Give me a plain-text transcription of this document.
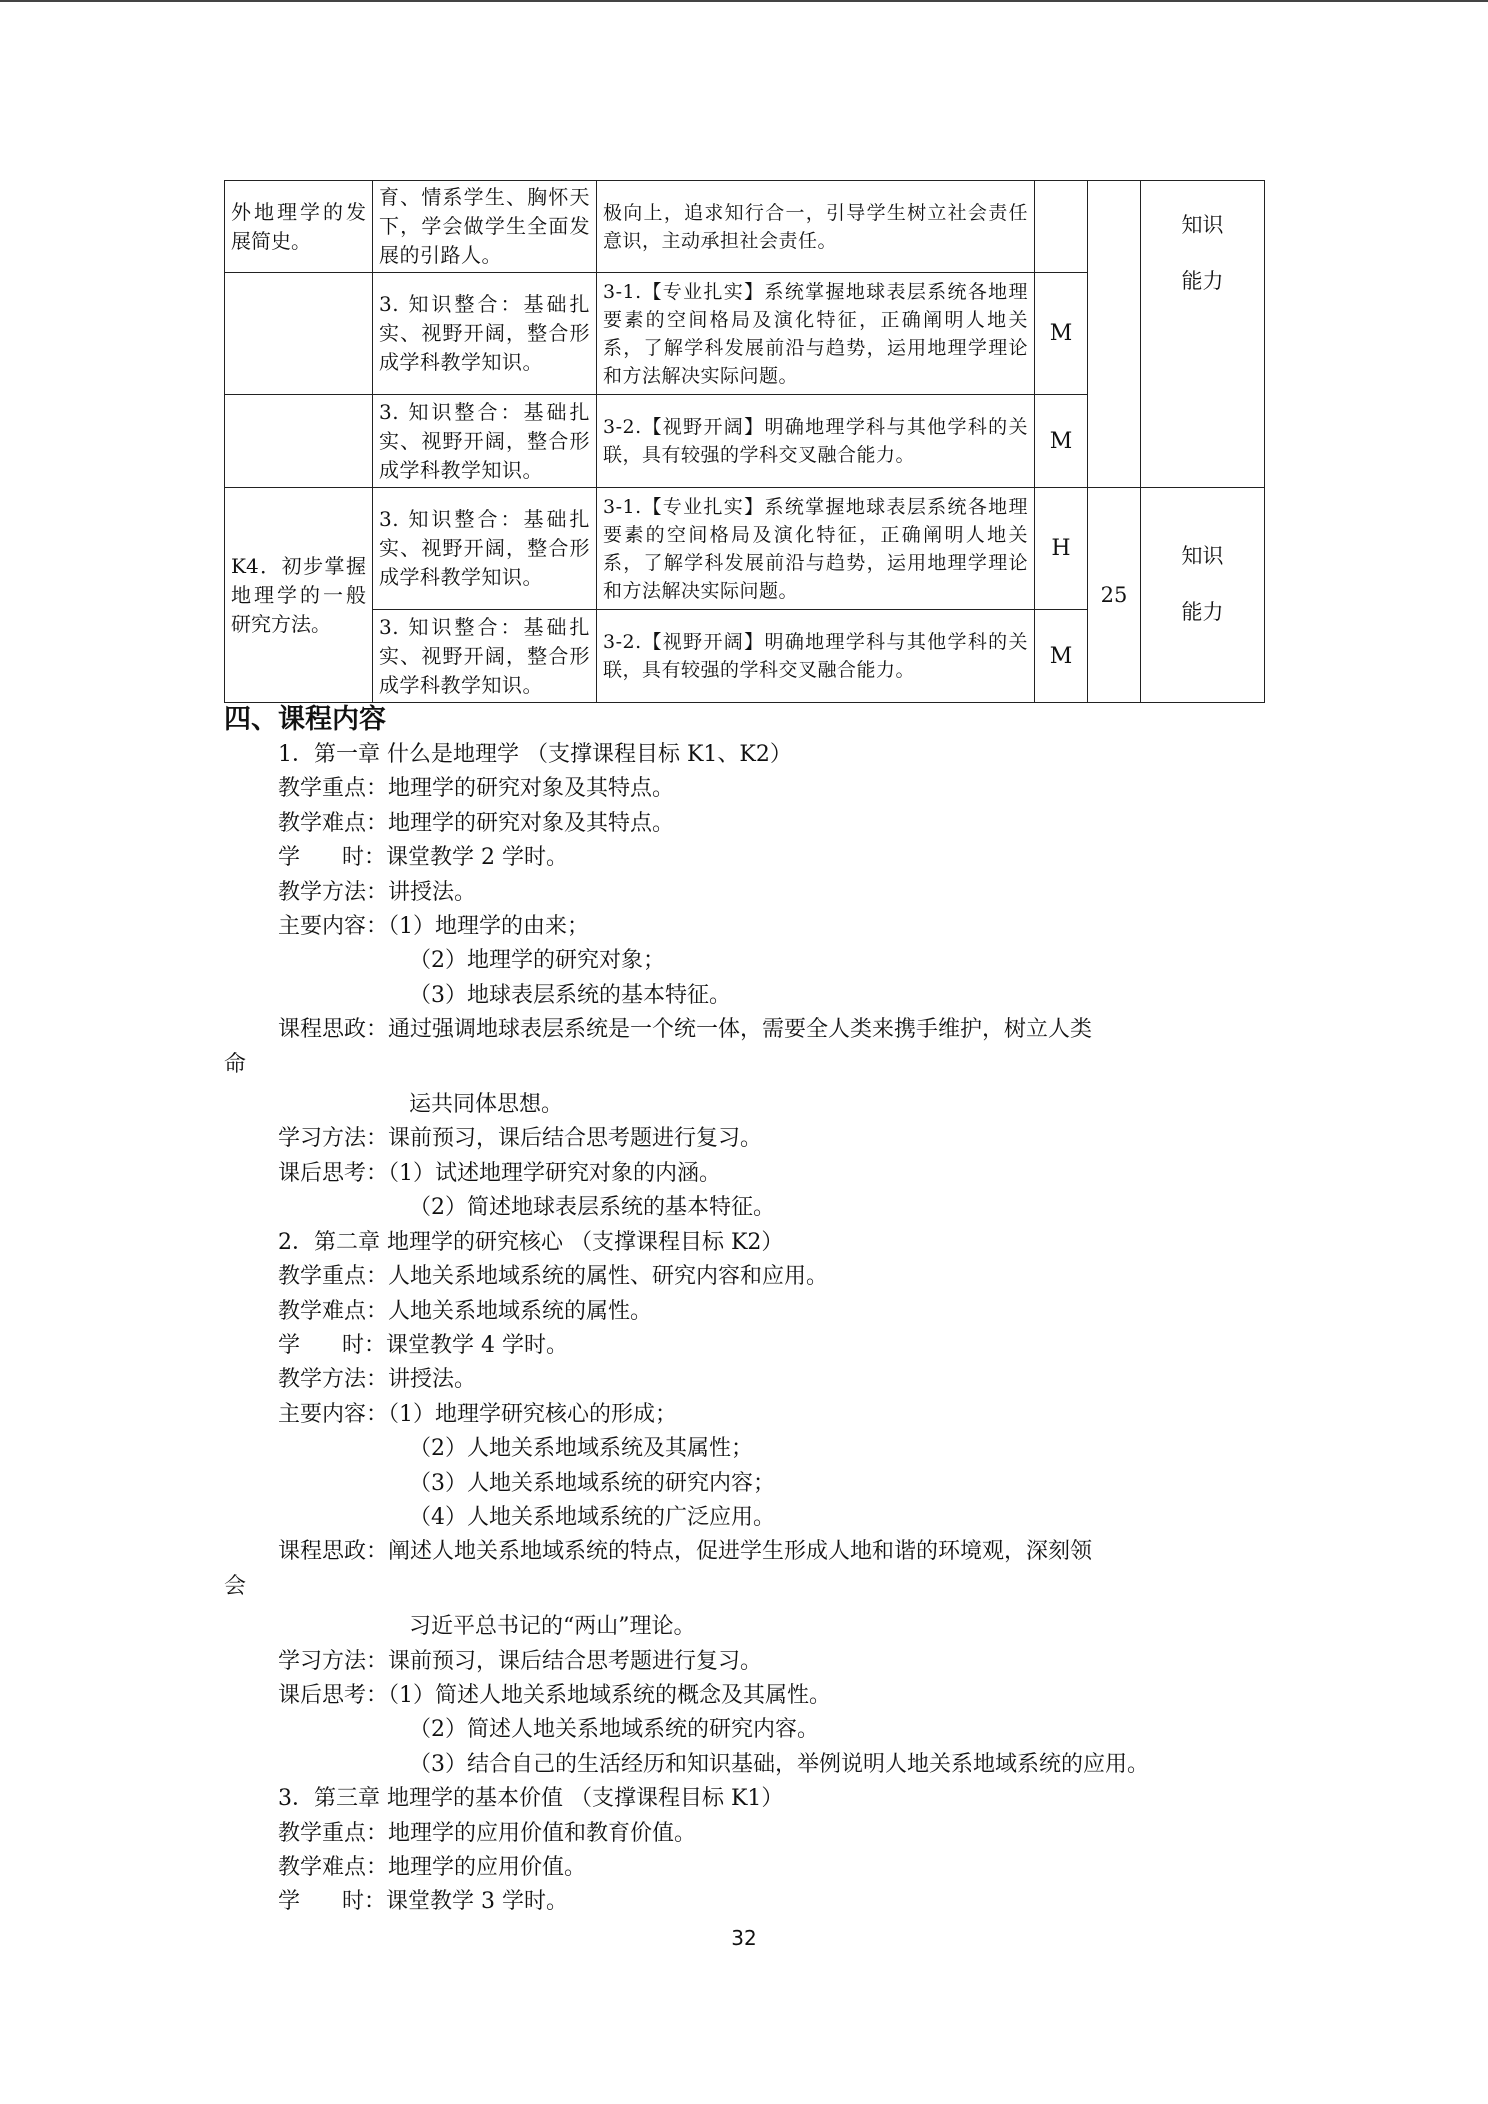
外地理学的发展简史。	育、情系学生、胸怀天下，学会做学生全面发展的引路人。	极向上，追求知行合一，引导学生树立社会责任意识，主动承担社会责任。			知识
能力

	3. 知识整合：基础扎实、视野开阔，整合形成学科教学知识。	3-1.【专业扎实】系统掌握地球表层系统各地理要素的空间格局及演化特征，正确阐明人地关系，了解学科发展前沿与趋势，运用地理学理论和方法解决实际问题。	M		
	3. 知识整合：基础扎实、视野开阔，整合形成学科教学知识。	3-2.【视野开阔】明确地理学科与其他学科的关联，具有较强的学科交叉融合能力。	M		
K4．初步掌握地理学的一般研究方法。	3. 知识整合：基础扎实、视野开阔，整合形成学科教学知识。	3-1.【专业扎实】系统掌握地球表层系统各地理要素的空间格局及演化特征，正确阐明人地关系，了解学科发展前沿与趋势，运用地理学理论和方法解决实际问题。	H	25	知识
能力

	3. 知识整合：基础扎实、视野开阔，整合形成学科教学知识。	3-2.【视野开阔】明确地理学科与其他学科的关联，具有较强的学科交叉融合能力。	M		
四、课程内容
1．第一章 什么是地理学 （支撑课程目标 K1、K2）
教学重点：地理学的研究对象及其特点。
教学难点：地理学的研究对象及其特点。
学      时：课堂教学 2 学时。
教学方法：讲授法。
主要内容：（1）地理学的由来；
（2）地理学的研究对象；
（3）地球表层系统的基本特征。
课程思政：通过强调地球表层系统是一个统一体，需要全人类来携手维护，树立人类
命
运共同体思想。
学习方法：课前预习，课后结合思考题进行复习。
课后思考：（1）试述地理学研究对象的内涵。
（2）简述地球表层系统的基本特征。
2．第二章 地理学的研究核心 （支撑课程目标 K2）
教学重点：人地关系地域系统的属性、研究内容和应用。
教学难点：人地关系地域系统的属性。
学      时：课堂教学 4 学时。
教学方法：讲授法。
主要内容：（1）地理学研究核心的形成；
（2）人地关系地域系统及其属性；
（3）人地关系地域系统的研究内容；
（4）人地关系地域系统的广泛应用。
课程思政：阐述人地关系地域系统的特点，促进学生形成人地和谐的环境观，深刻领
会
习近平总书记的“两山”理论。
学习方法：课前预习，课后结合思考题进行复习。
课后思考：（1）简述人地关系地域系统的概念及其属性。
（2）简述人地关系地域系统的研究内容。
（3）结合自己的生活经历和知识基础，举例说明人地关系地域系统的应用。
3．第三章 地理学的基本价值 （支撑课程目标 K1）
教学重点：地理学的应用价值和教育价值。
教学难点：地理学的应用价值。
学      时：课堂教学 3 学时。
32
